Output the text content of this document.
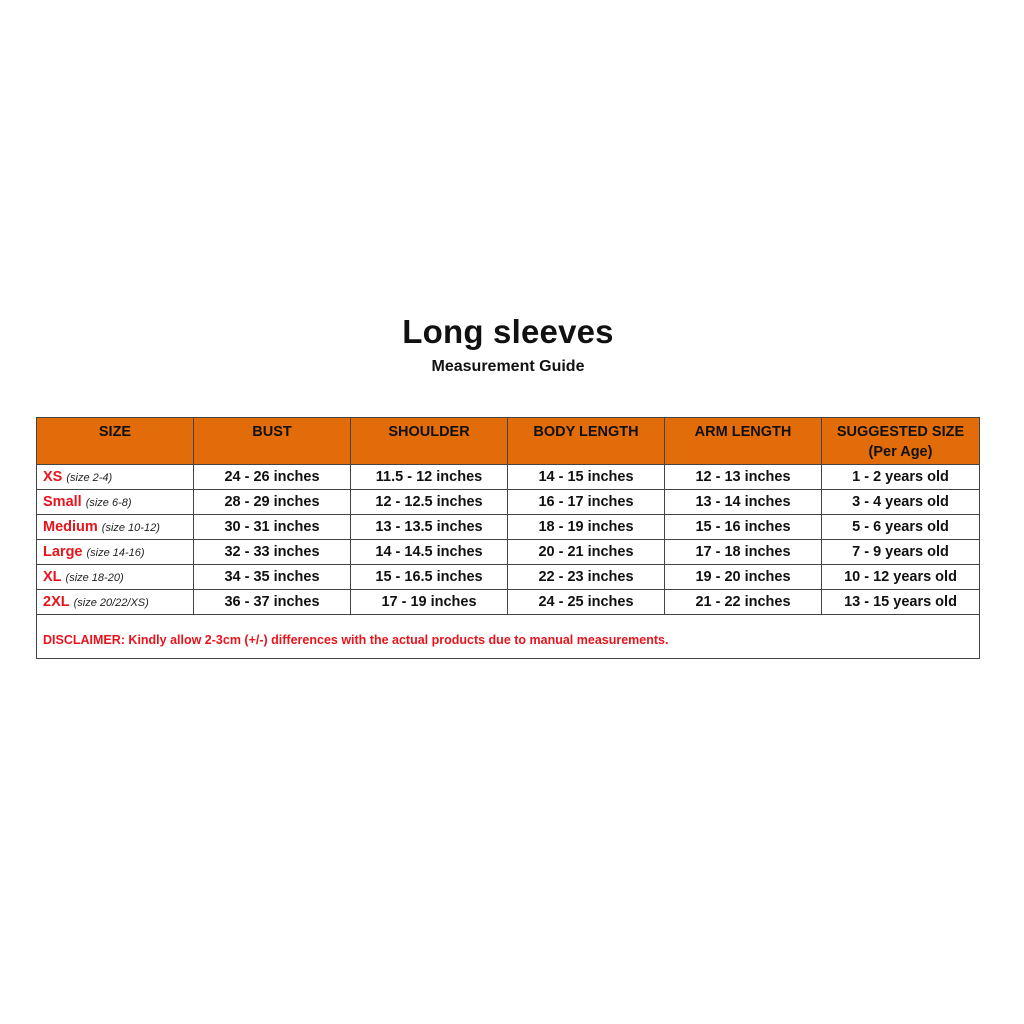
Long sleeves
Measurement Guide
SIZE	BUST	SHOULDER	BODY LENGTH	ARM LENGTH	SUGGESTED SIZE
(Per Age)

XS (size 2-4)	24 - 26 inches	11.5 - 12 inches	14 - 15 inches	12 - 13 inches	1 - 2 years old
Small (size 6-8)	28 - 29 inches	12 - 12.5 inches	16 - 17 inches	13 - 14 inches	3 - 4 years old
Medium (size 10-12)	30 - 31 inches	13 - 13.5 inches	18 - 19 inches	15 - 16 inches	5 - 6 years old
Large (size 14-16)	32 - 33 inches	14 - 14.5 inches	20 - 21 inches	17 - 18 inches	7 - 9 years old
XL (size 18-20)	34 - 35 inches	15 - 16.5 inches	22 - 23 inches	19 - 20 inches	10 - 12 years old
2XL (size 20/22/XS)	36 - 37 inches	17 - 19 inches	24 - 25 inches	21 - 22 inches	13 - 15 years old
DISCLAIMER: Kindly allow 2-3cm (+/-) differences with the actual products due to manual measurements.					
